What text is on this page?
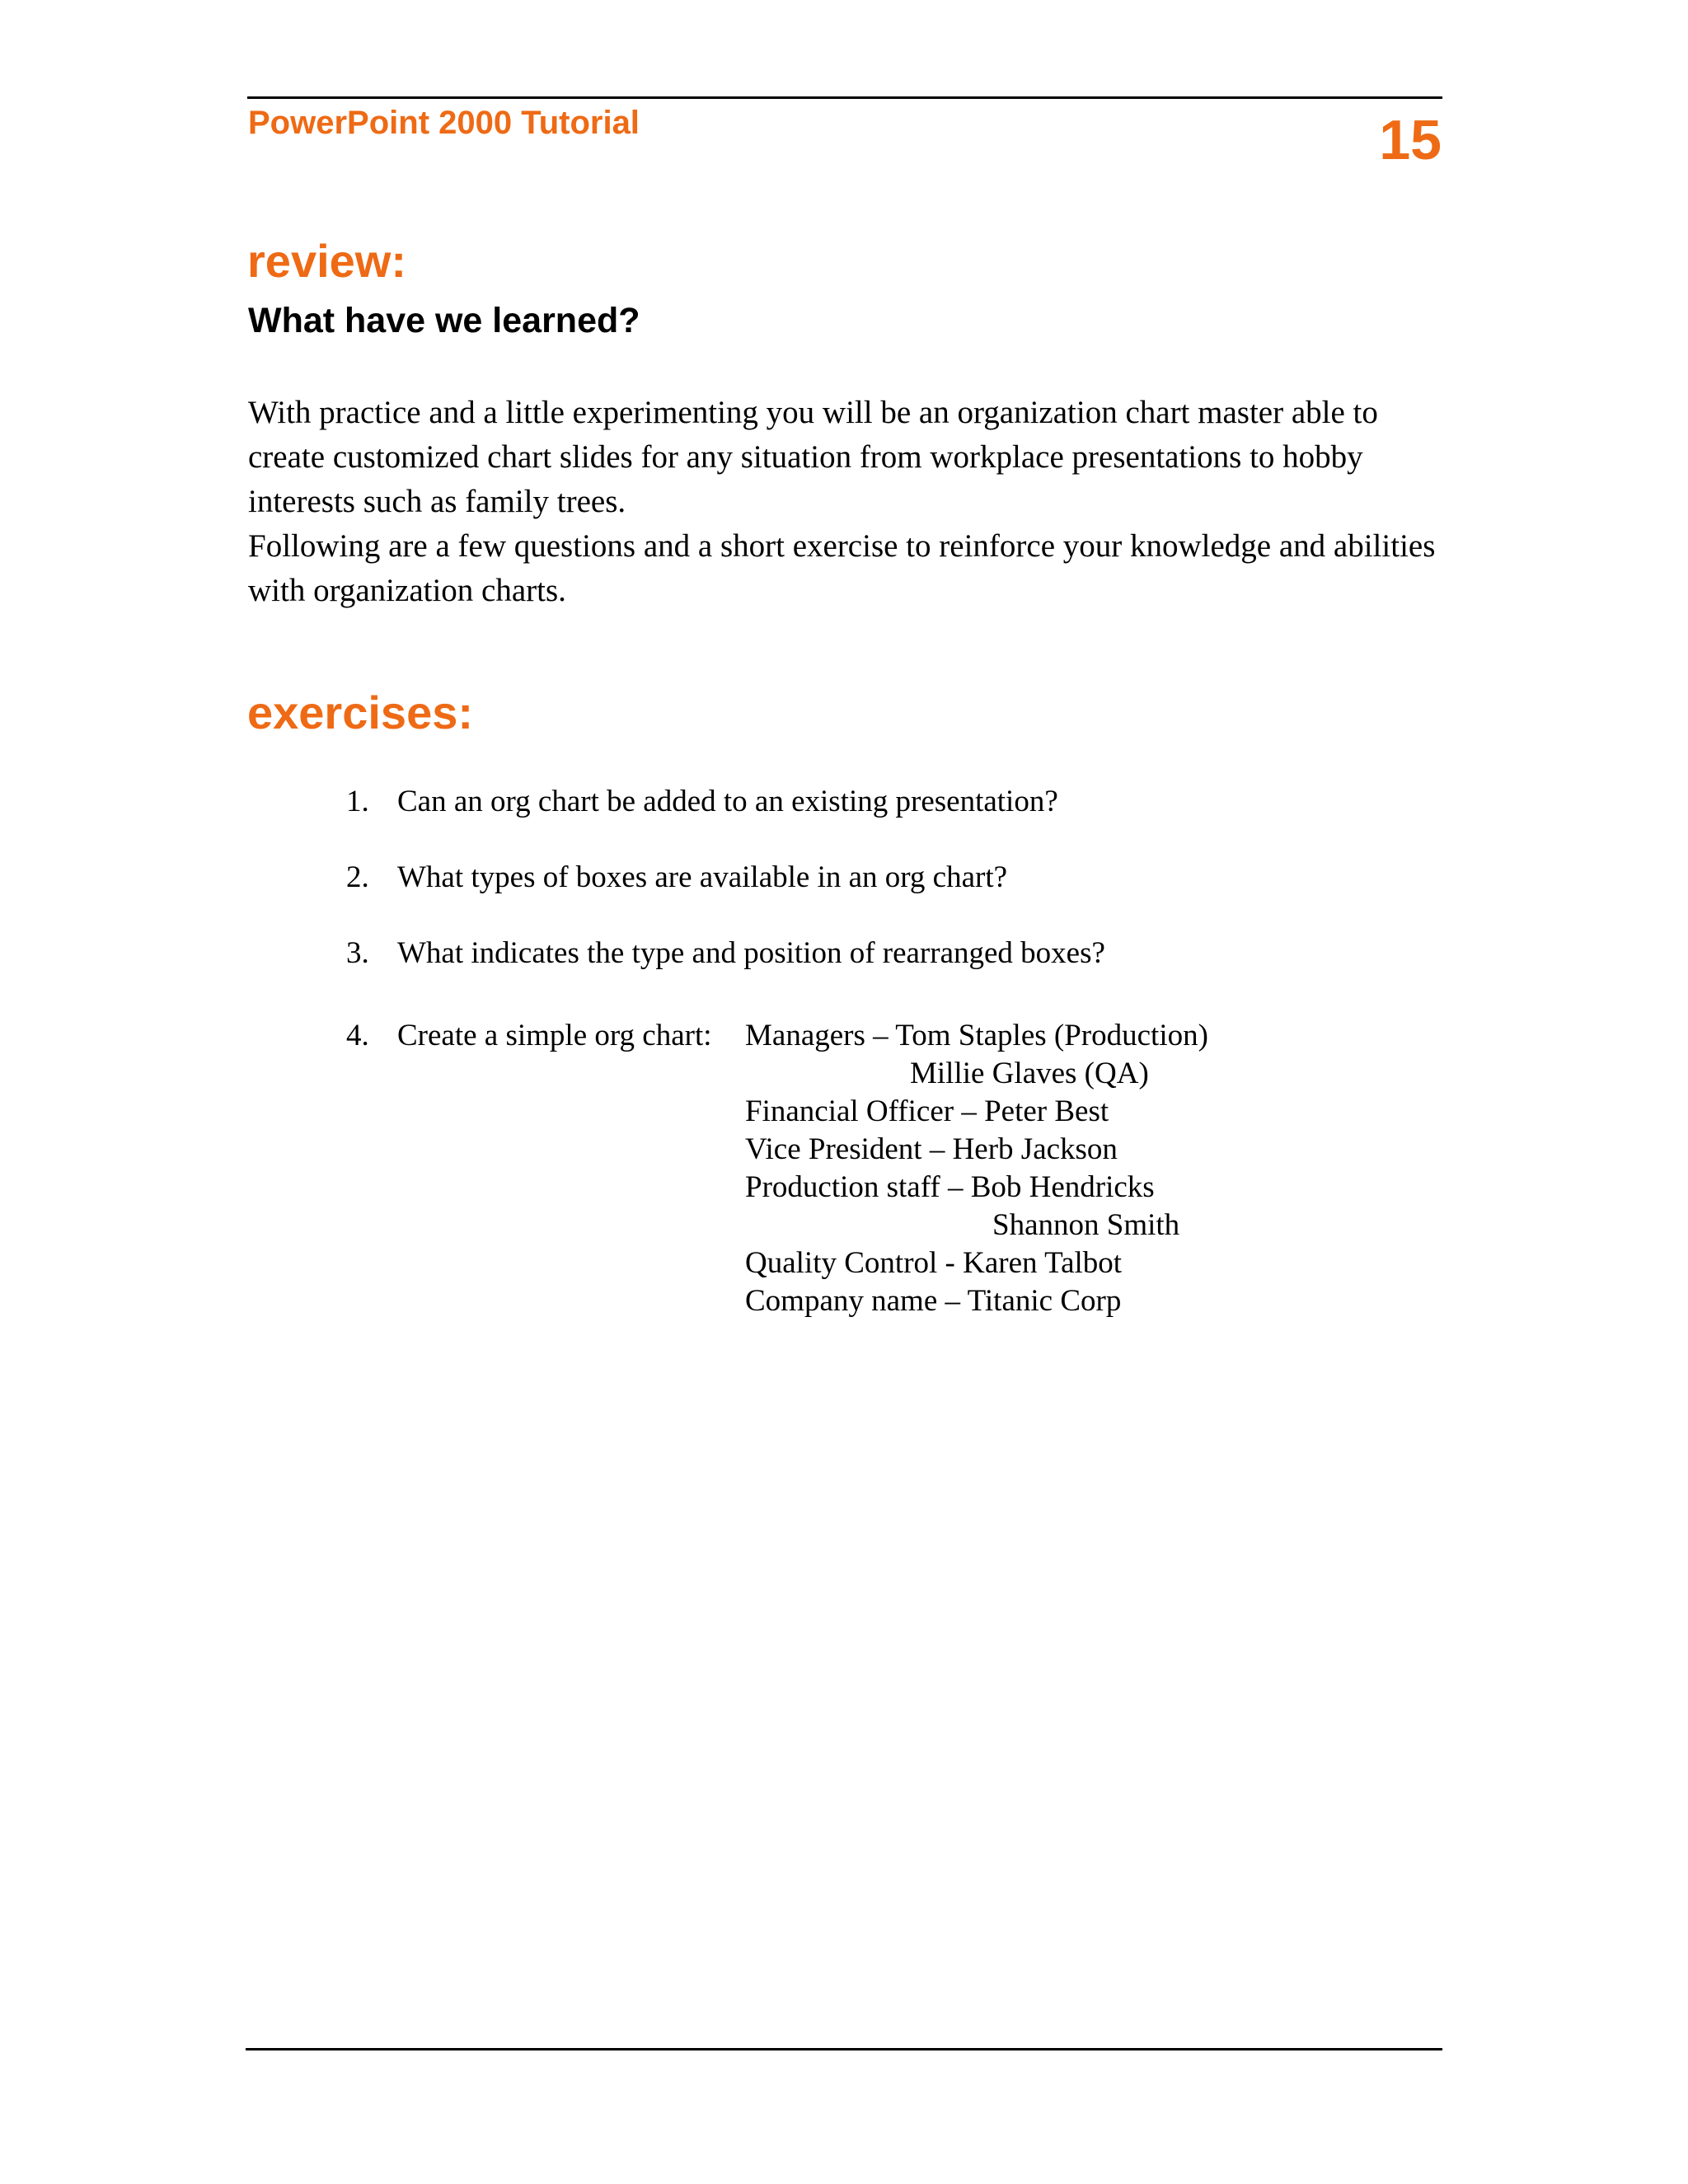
PowerPoint 2000 Tutorial	15
review:
What have we learned?

With practice and a little experimenting you will be an organization chart master able to create customized chart slides for any situation from workplace presentations to hobby interests such as family trees.

Following are a few questions and a short exercise to reinforce your knowledge and abilities with organization charts.

exercises:
1. Can an org chart be added to an existing presentation?
2. What types of boxes are available in an org chart?
3. What indicates the type and position of rearranged boxes?
4. Create a simple org chart: Managers – Tom Staples (Production)
Millie Glaves (QA)
Financial Officer – Peter Best
Vice President – Herb Jackson
Production staff – Bob Hendricks
Shannon Smith
Quality Control - Karen Talbot
Company name – Titanic Corp
